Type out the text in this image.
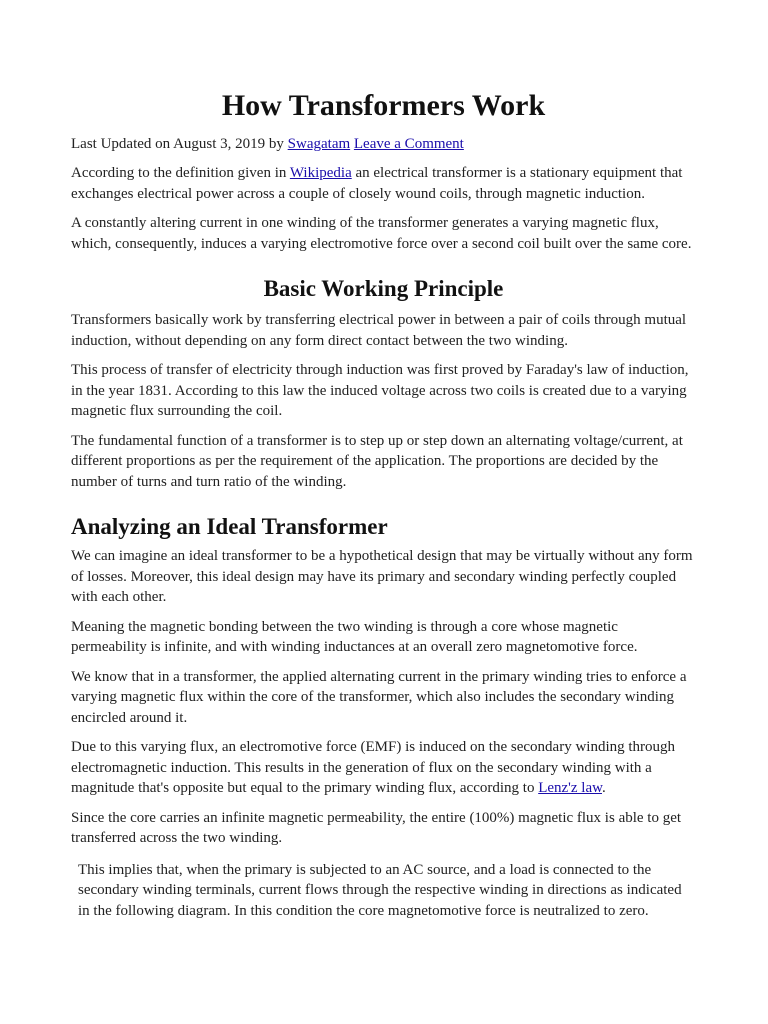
How Transformers Work
Last Updated on August 3, 2019 by Swagatam Leave a Comment

According to the definition given in Wikipedia an electrical transformer is a stationary equipment that exchanges electrical power across a couple of closely wound coils, through magnetic induction.

A constantly altering current in one winding of the transformer generates a varying magnetic flux, which, consequently, induces a varying electromotive force over a second coil built over the same core.

Basic Working Principle

Transformers basically work by transferring electrical power in between a pair of coils through mutual induction, without depending on any form direct contact between the two winding.

This process of transfer of electricity through induction was first proved by Faraday's law of induction, in the year 1831. According to this law the induced voltage across two coils is created due to a varying magnetic flux surrounding the coil.

The fundamental function of a transformer is to step up or step down an alternating voltage/current, at different proportions as per the requirement of the application. The proportions are decided by the number of turns and turn ratio of the winding.

Analyzing an Ideal Transformer

We can imagine an ideal transformer to be a hypothetical design that may be virtually without any form of losses. Moreover, this ideal design may have its primary and secondary winding perfectly coupled with each other.

Meaning the magnetic bonding between the two winding is through a core whose magnetic permeability is infinite, and with winding inductances at an overall zero magnetomotive force.

We know that in a transformer, the applied alternating current in the primary winding tries to enforce a varying magnetic flux within the core of the transformer, which also includes the secondary winding encircled around it.

Due to this varying flux, an electromotive force (EMF) is induced on the secondary winding through electromagnetic induction. This results in the generation of flux on the secondary winding with a magnitude that's opposite but equal to the primary winding flux, according to Lenz'z law.

Since the core carries an infinite magnetic permeability, the entire (100%) magnetic flux is able to get transferred across the two winding.

This implies that, when the primary is subjected to an AC source, and a load is connected to the secondary winding terminals, current flows through the respective winding in directions as indicated in the following diagram. In this condition the core magnetomotive force is neutralized to zero.
